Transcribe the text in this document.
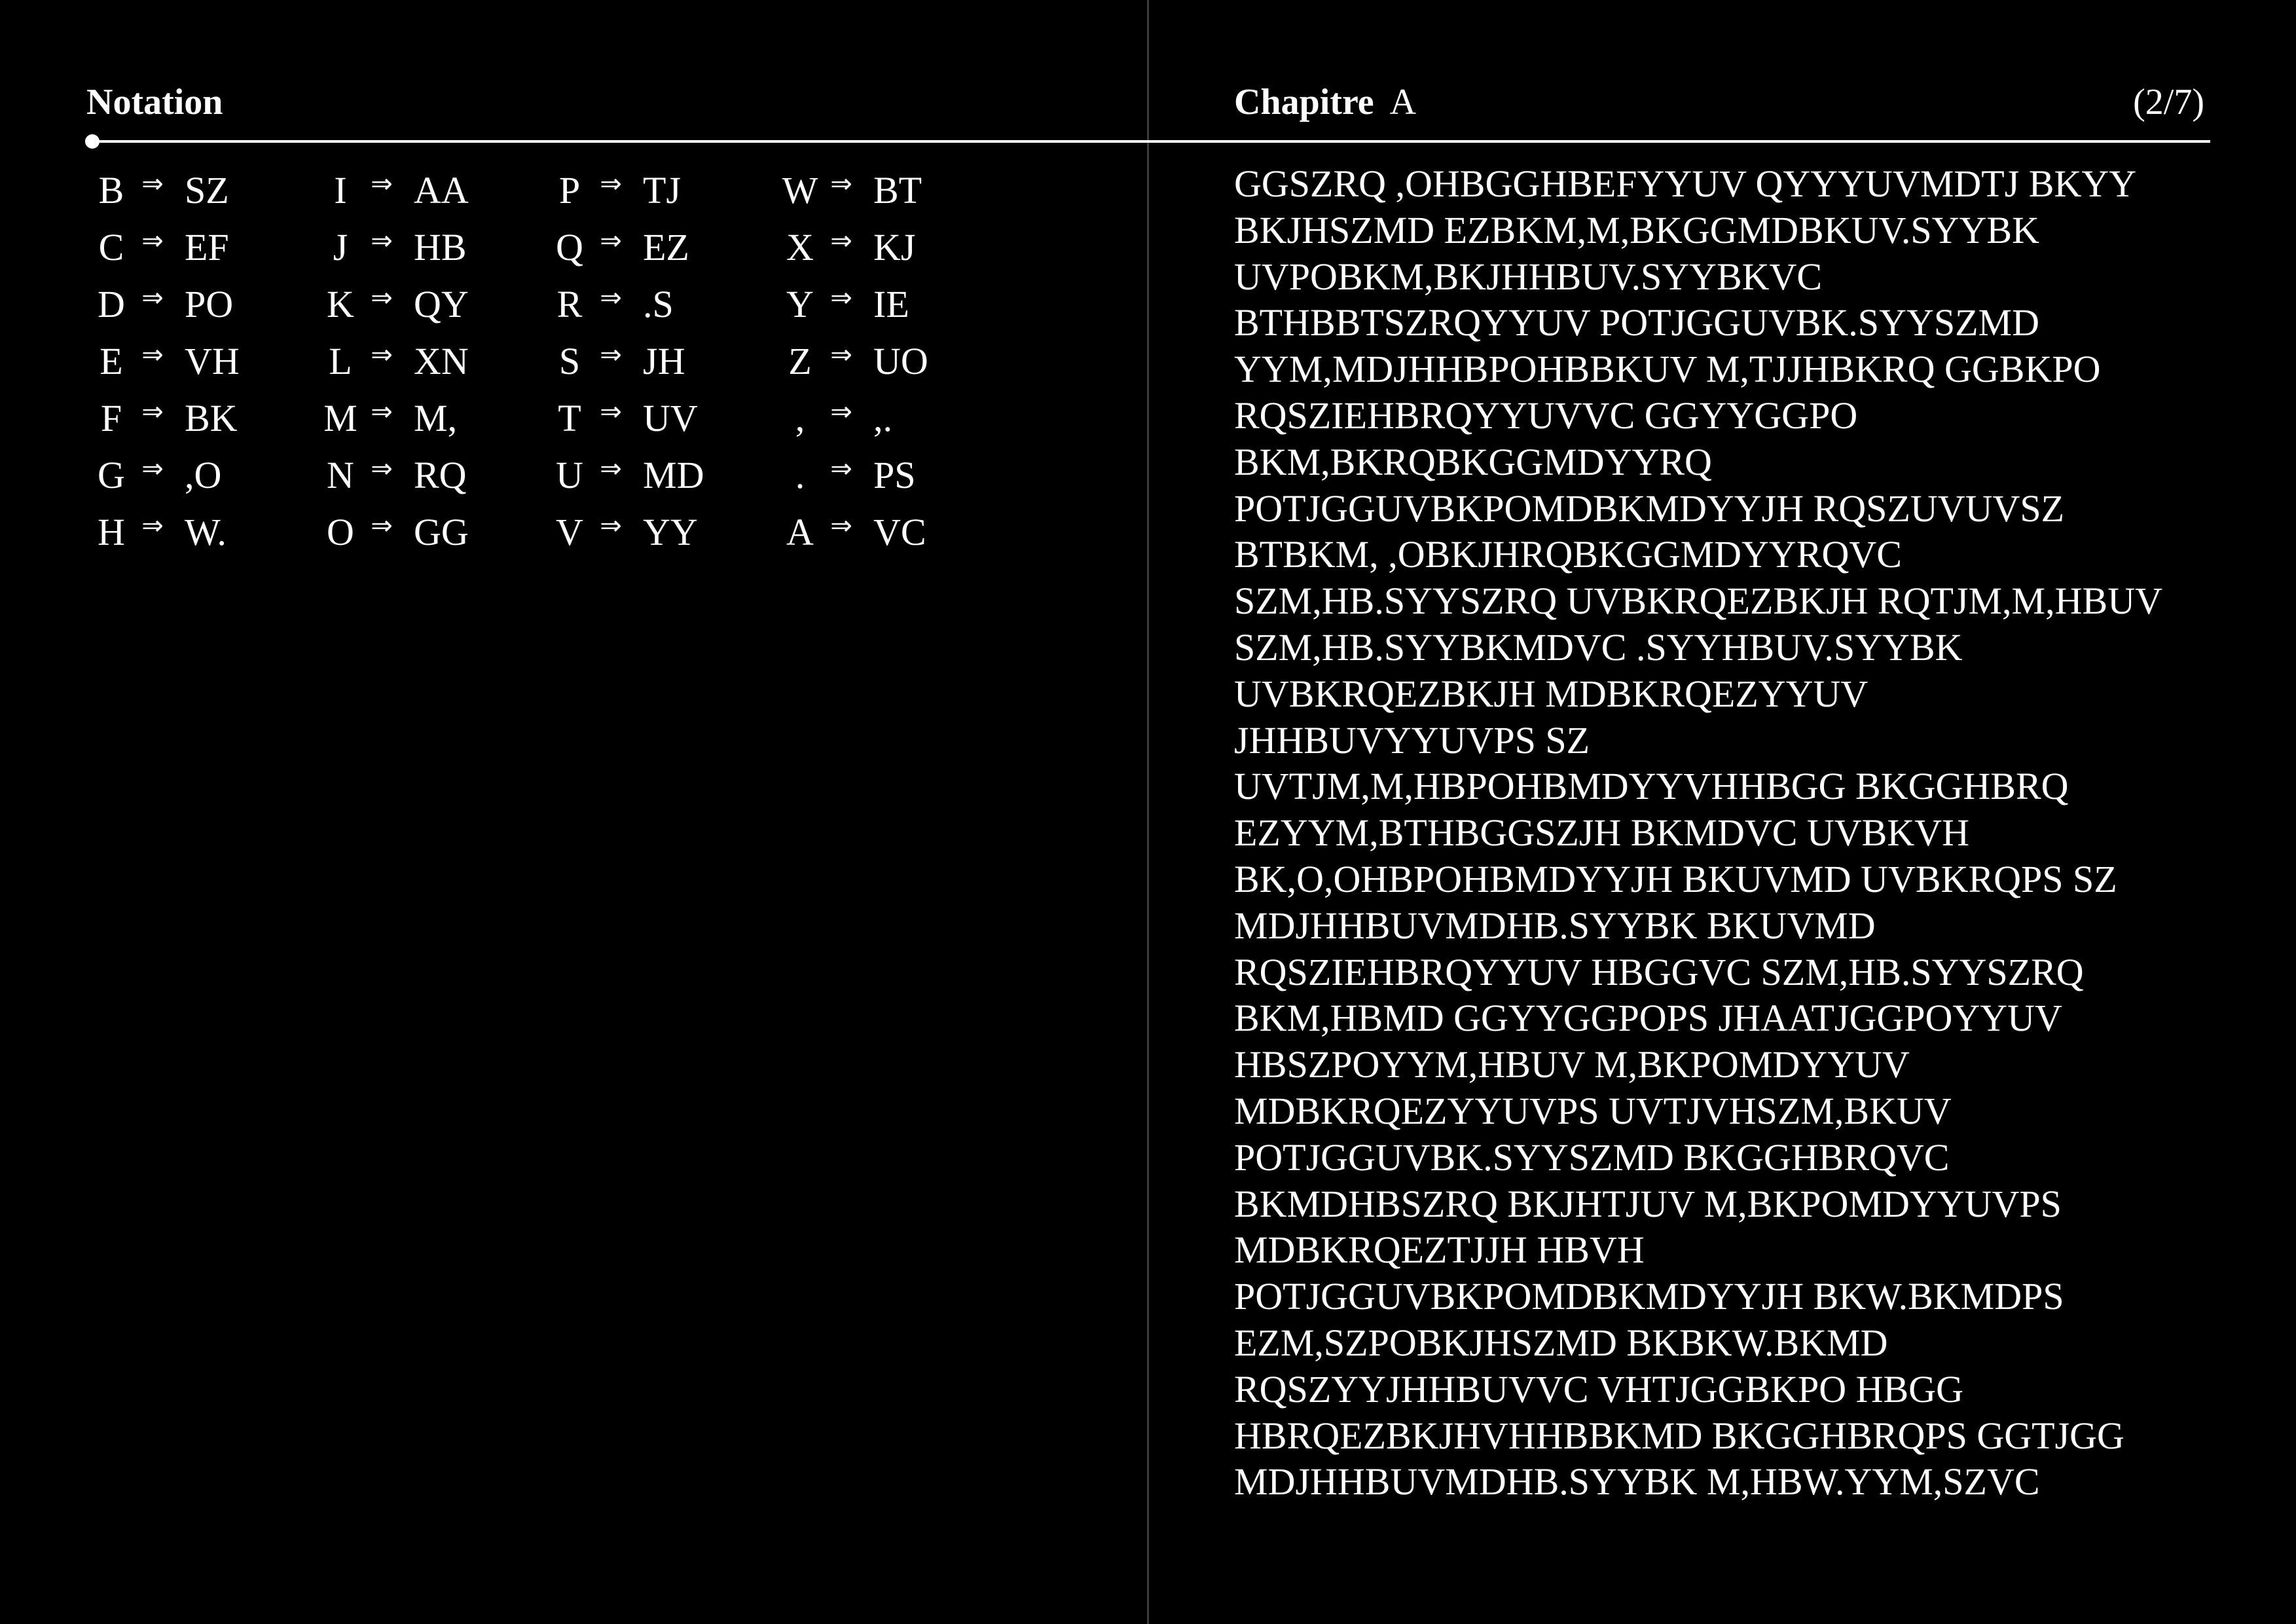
Notation	Chapitre A	(2/7)
B ⇒ SZ
C ⇒ EF
D ⇒ PO
E ⇒ VH
F ⇒ BK
G ⇒ ,O
H ⇒ W.
I ⇒ AA
J ⇒ HB
K ⇒ QY
L ⇒ XN
M ⇒ M,
N ⇒ RQ
O ⇒ GG
P ⇒ TJ
Q ⇒ EZ
R ⇒ .S
S ⇒ JH
T ⇒ UV
U ⇒ MD
V ⇒ YY
W ⇒ BT
X ⇒ KJ
Y ⇒ IE
Z ⇒ UO
, ⇒ ,.
. ⇒ PS
A ⇒ VC
GGSZRQ ,OHBGGHBEFYYUV QYYYUVMDTJ BKYY
BKJHSZMD EZBKM,M,BKGGMDBKUV.SYYBK
UVPOBKM,BKJHHBUV.SYYBKVC
BTHBBTSZRQYYUV POTJGGUVBK.SYYSZMD
YYM,MDJHHBPOHBBKUV M,TJJHBKRQ GGBKPO
RQSZIEHBRQYYUVVC GGYYGGPO
BKM,BKRQBKGGMDYYRQ
POTJGGUVBKPOMDBKMDYYJH RQSZUVUVSZ
BTBKM, ,OBKJHRQBKGGMDYYRQVC
SZM,HB.SYYSZRQ UVBKRQEZBKJH RQTJM,M,HBUV
SZM,HB.SYYBKMDVC .SYYHBUV.SYYBK
UVBKRQEZBKJH MDBKRQEZYYUV
JHHBUVYYUVPS SZ
UVTJM,M,HBPOHBMDYYVHHBGG BKGGHBRQ
EZYYM,BTHBGGSZJH BKMDVC UVBKVH
BK,O,OHBPOHBMDYYJH BKUVMD UVBKRQPS SZ
MDJHHBUVMDHB.SYYBK BKUVMD
RQSZIEHBRQYYUV HBGGVC SZM,HB.SYYSZRQ
BKM,HBMD GGYYGGPOPS JHAATJGGPOYYUV
HBSZPOYYM,HBUV M,BKPOMDYYUV
MDBKRQEZYYUVPS UVTJVHSZM,BKUV
POTJGGUVBK.SYYSZMD BKGGHBRQVC
BKMDHBSZRQ BKJHTJUV M,BKPOMDYYUVPS
MDBKRQEZTJJH HBVH
POTJGGUVBKPOMDBKMDYYJH BKW.BKMDPS
EZM,SZPOBKJHSZMD BKBKW.BKMD
RQSZYYJHHBUVVC VHTJGGBKPO HBGG
HBRQEZBKJHVHHBBKMD BKGGHBRQPS GGTJGG
MDJHHBUVMDHB.SYYBK M,HBW.YYM,SZVC
